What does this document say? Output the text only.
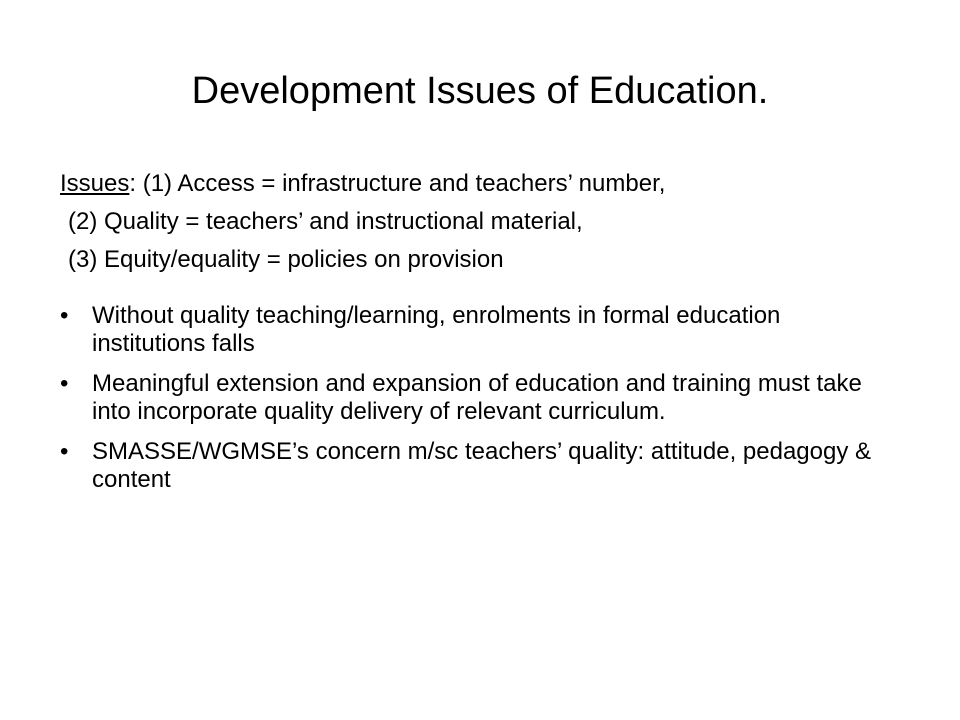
Development Issues of Education.
Issues: (1) Access = infrastructure and teachers’ number,
(2) Quality = teachers’ and instructional material,
(3) Equity/equality = policies on provision
• Without quality teaching/learning, enrolments in formal education institutions falls
• Meaningful extension and expansion of education and training must take into incorporate quality delivery of relevant curriculum.
• SMASSE/WGMSE’s concern m/sc teachers’ quality: attitude, pedagogy & content
